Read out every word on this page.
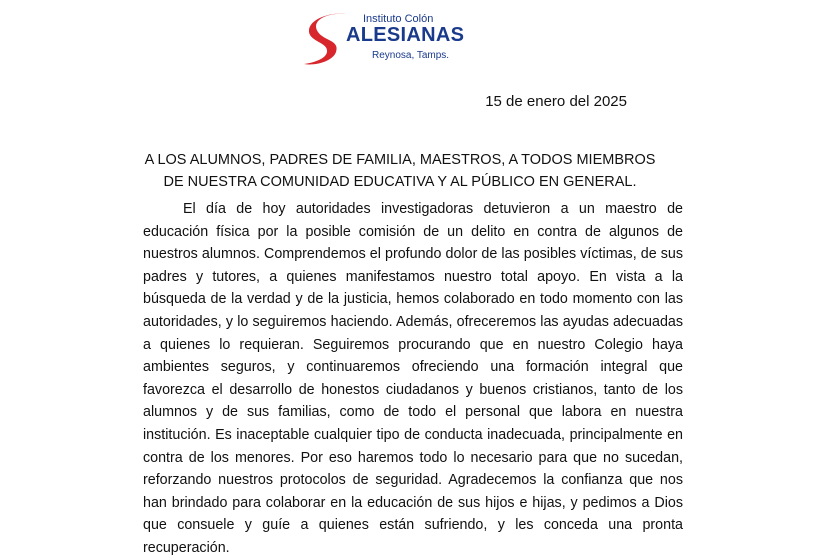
Instituto Colón
ALESIANAS
Reynosa, Tamps.
15 de enero del 2025
A LOS ALUMNOS, PADRES DE FAMILIA, MAESTROS, A TODOS MIEMBROS DE NUESTRA COMUNIDAD EDUCATIVA Y AL PÚBLICO EN GENERAL.

El día de hoy autoridades investigadoras detuvieron a un maestro de educación física por la posible comisión de un delito en contra de algunos de nuestros alumnos. Comprendemos el profundo dolor de las posibles víctimas, de sus padres y tutores, a quienes manifestamos nuestro total apoyo. En vista a la búsqueda de la verdad y de la justicia, hemos colaborado en todo momento con las autoridades, y lo seguiremos haciendo. Además, ofreceremos las ayudas adecuadas a quienes lo requieran. Seguiremos procurando que en nuestro Colegio haya ambientes seguros, y continuaremos ofreciendo una formación integral que favorezca el desarrollo de honestos ciudadanos y buenos cristianos, tanto de los alumnos y de sus familias, como de todo el personal que labora en nuestra institución. Es inaceptable cualquier tipo de conducta inadecuada, principalmente en contra de los menores. Por eso haremos todo lo necesario para que no sucedan, reforzando nuestros protocolos de seguridad. Agradecemos la confianza que nos han brindado para colaborar en la educación de sus hijos e hijas, y pedimos a Dios que consuele y guíe a quienes están sufriendo, y les conceda una pronta recuperación.
